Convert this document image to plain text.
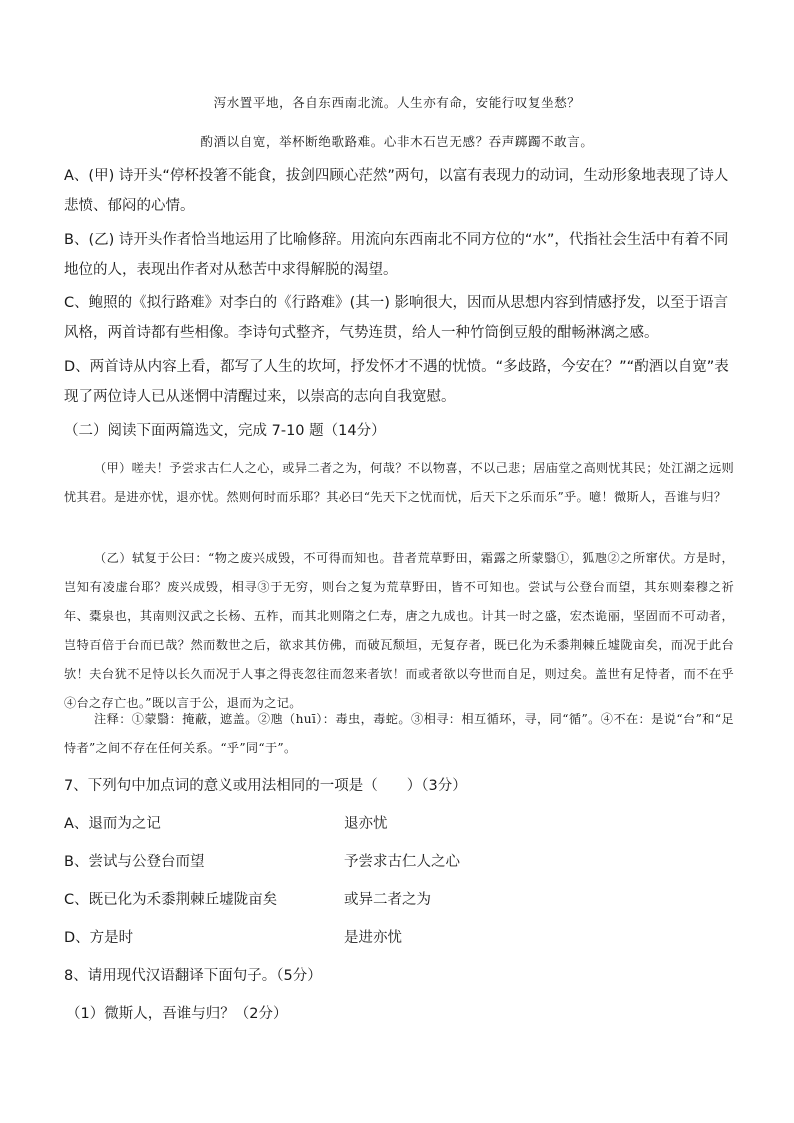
泻水置平地，各自东西南北流。人生亦有命，安能行叹复坐愁？
酌酒以自宽，举杯断绝歌路难。心非木石岂无感？吞声踯躅不敢言。

A、(甲) 诗开头“停杯投箸不能食，拔剑四顾心茫然”两句，以富有表现力的动词，生动形象地表现了诗人悲愤、郁闷的心情。

B、(乙) 诗开头作者恰当地运用了比喻修辞。用流向东西南北不同方位的“水”，代指社会生活中有着不同地位的人，表现出作者对从愁苦中求得解脱的渴望。

C、鲍照的《拟行路难》对李白的《行路难》(其一) 影响很大，因而从思想内容到情感抒发，以至于语言风格，两首诗都有些相像。李诗句式整齐，气势连贯，给人一种竹筒倒豆般的酣畅淋漓之感。

D、两首诗从内容上看，都写了人生的坎坷，抒发怀才不遇的忧愤。“多歧路，今安在？”“酌酒以自宽”表现了两位诗人已从迷惘中清醒过来，以崇高的志向自我宽慰。

（二）阅读下面两篇选文，完成 7-10 题（14分）

（甲）嗟夫！予尝求古仁人之心，或异二者之为，何哉？不以物喜，不以己悲；居庙堂之高则忧其民；处江湖之远则忧其君。是进亦忧，退亦忧。然则何时而乐耶？其必曰“先天下之忧而忧，后天下之乐而乐”乎。噫！微斯人，吾谁与归？

（乙）轼复于公曰：“物之废兴成毁，不可得而知也。昔者荒草野田，霜露之所蒙翳①，狐虺②之所窜伏。方是时，岂知有凌虚台耶？废兴成毁，相寻③于无穷，则台之复为荒草野田，皆不可知也。尝试与公登台而望，其东则秦穆之祈年、橐泉也，其南则汉武之长杨、五柞，而其北则隋之仁寿，唐之九成也。计其一时之盛，宏杰诡丽，坚固而不可动者，岂特百倍于台而已哉？然而数世之后，欲求其仿佛，而破瓦颓垣，无复存者，既已化为禾黍荆棘丘墟陇亩矣，而况于此台欤！夫台犹不足恃以长久而况于人事之得丧忽往而忽来者欤！而或者欲以夸世而自足，则过矣。盖世有足恃者，而不在乎④台之存亡也。”既以言于公，退而为之记。

注释：①蒙翳：掩蔽，遮盖。②虺（huī）：毒虫，毒蛇。③相寻：相互循环，寻，同“循”。④不在：是说“台”和“足恃者”之间不存在任何关系。“乎”同“于”。

7、下列句中加点词的意义或用法相同的一项是（　　）（3分）
A、退而为之记	退亦忧
B、尝试与公登台而望	予尝求古仁人之心
C、既已化为禾黍荆棘丘墟陇亩矣	或异二者之为
D、方是时	是进亦忧
8、请用现代汉语翻译下面句子。（5分）
（1）微斯人，吾谁与归？（2分）
